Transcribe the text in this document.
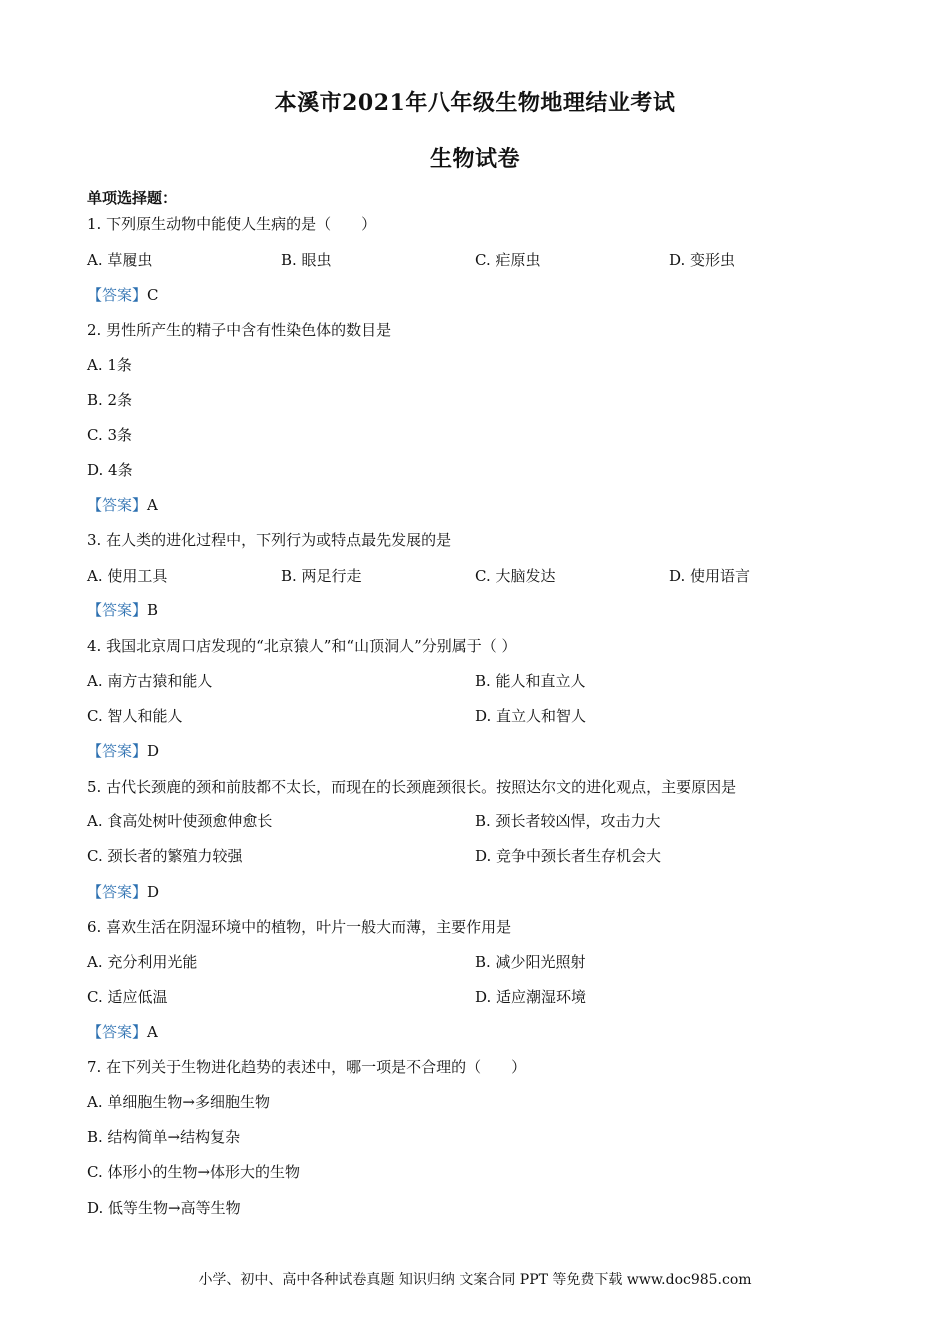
本溪市2021年八年级生物地理结业考试
生物试卷
单项选择题：
1. 下列原生动物中能使人生病的是（　　）
A. 草履虫	B. 眼虫	C. 疟原虫	D. 变形虫
【答案】C
2. 男性所产生的精子中含有性染色体的数目是
A. 1条
B. 2条
C. 3条
D. 4条
【答案】A
3. 在人类的进化过程中，下列行为或特点最先发展的是
A. 使用工具	B. 两足行走	C. 大脑发达	D. 使用语言
【答案】B
4. 我国北京周口店发现的“北京猿人”和“山顶洞人”分别属于（ ）
A. 南方古猿和能人	B. 能人和直立人
C. 智人和能人	D. 直立人和智人
【答案】D
5. 古代长颈鹿的颈和前肢都不太长，而现在的长颈鹿颈很长。按照达尔文的进化观点，主要原因是
A. 食高处树叶使颈愈伸愈长	B. 颈长者较凶悍，攻击力大
C. 颈长者的繁殖力较强	D. 竞争中颈长者生存机会大
【答案】D
6. 喜欢生活在阴湿环境中的植物，叶片一般大而薄，主要作用是
A. 充分利用光能	B. 减少阳光照射
C. 适应低温	D. 适应潮湿环境
【答案】A
7. 在下列关于生物进化趋势的表述中，哪一项是不合理的（　　）
A. 单细胞生物→多细胞生物
B. 结构简单→结构复杂
C. 体形小的生物→体形大的生物
D. 低等生物→高等生物
小学、初中、高中各种试卷真题 知识归纳 文案合同 PPT 等免费下载 www.doc985.com
